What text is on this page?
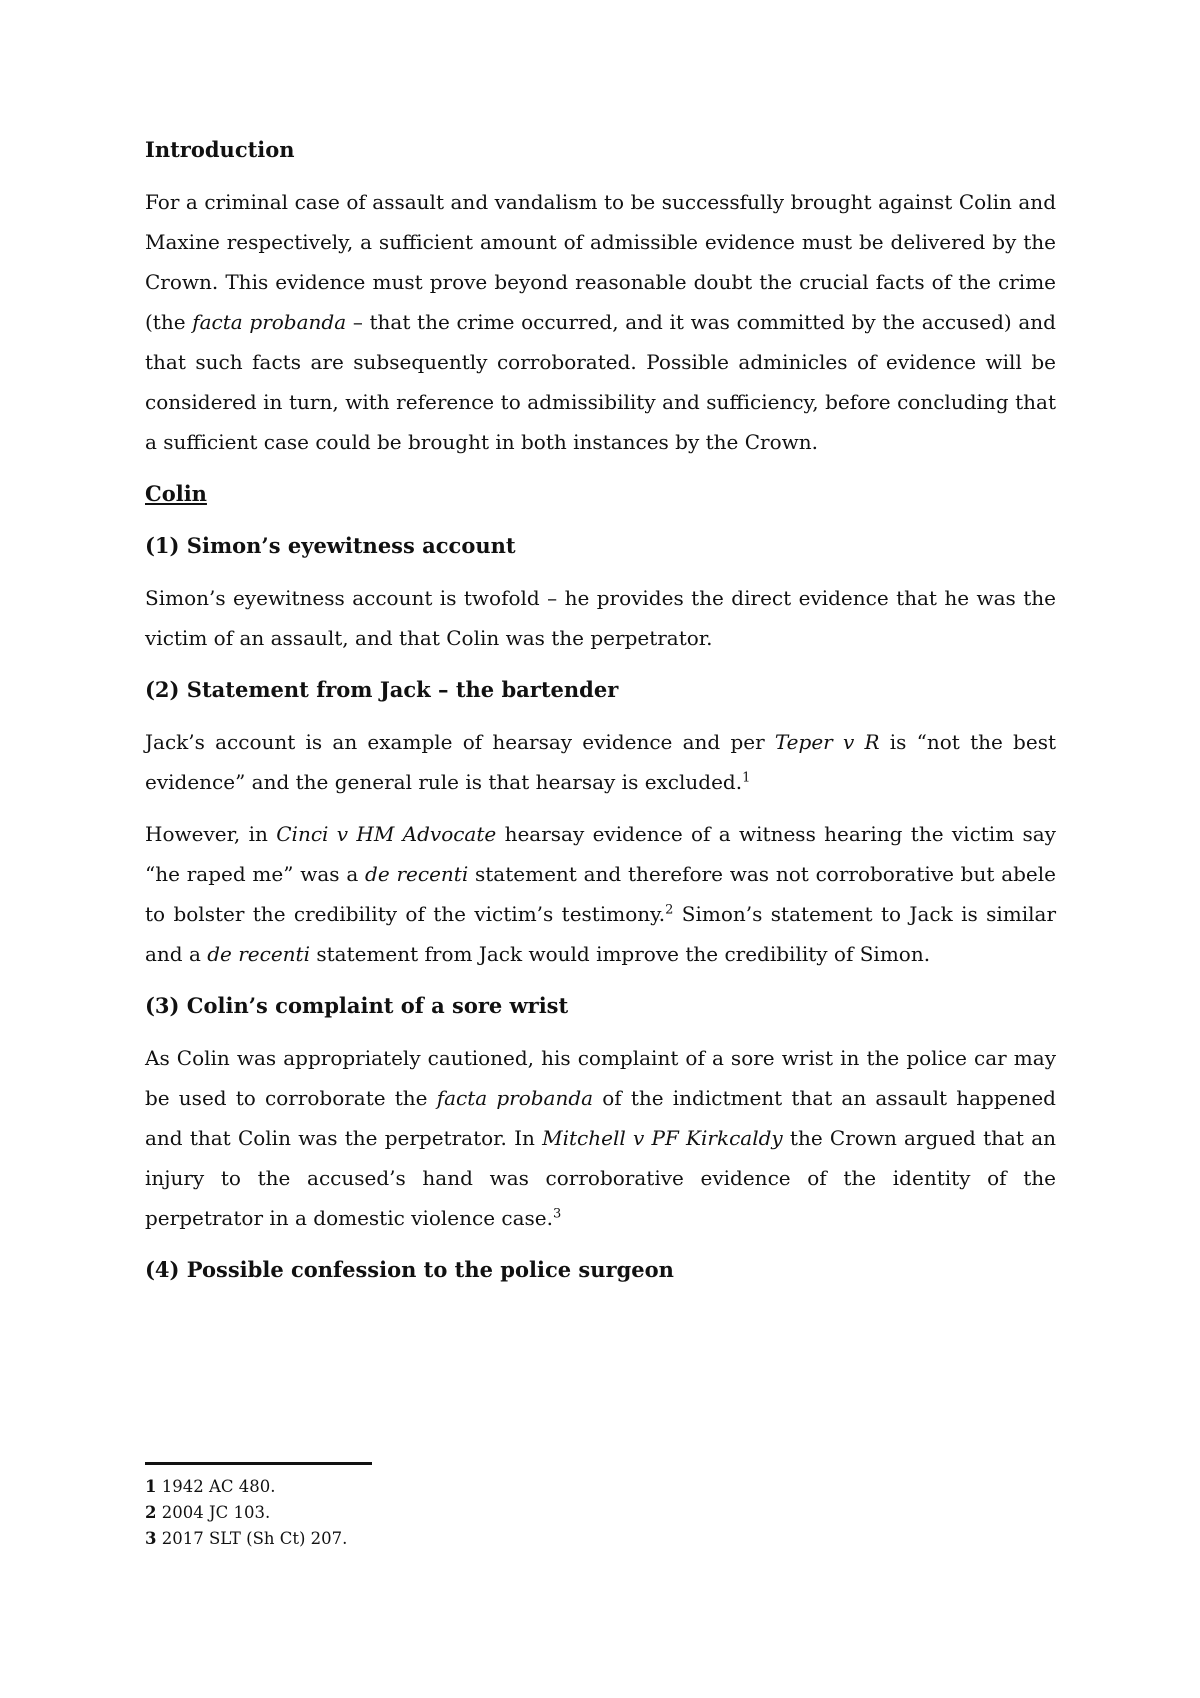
Introduction
For a criminal case of assault and vandalism to be successfully brought against Colin and Maxine respectively, a sufficient amount of admissible evidence must be delivered by the Crown. This evidence must prove beyond reasonable doubt the crucial facts of the crime (the facta probanda – that the crime occurred, and it was committed by the accused) and that such facts are subsequently corroborated. Possible adminicles of evidence will be considered in turn, with reference to admissibility and sufficiency, before concluding that a sufficient case could be brought in both instances by the Crown.
Colin
(1) Simon’s eyewitness account
Simon’s eyewitness account is twofold – he provides the direct evidence that he was the victim of an assault, and that Colin was the perpetrator.
(2) Statement from Jack – the bartender
Jack’s account is an example of hearsay evidence and per Teper v R is “not the best evidence” and the general rule is that hearsay is excluded.$^1$
However, in Cinci v HM Advocate hearsay evidence of a witness hearing the victim say “he raped me” was a de recenti statement and therefore was not corroborative but abele to bolster the credibility of the victim’s testimony.$^2$ Simon’s statement to Jack is similar and a de recenti statement from Jack would improve the credibility of Simon.
(3) Colin’s complaint of a sore wrist
As Colin was appropriately cautioned, his complaint of a sore wrist in the police car may be used to corroborate the facta probanda of the indictment that an assault happened and that Colin was the perpetrator. In Mitchell v PF Kirkcaldy the Crown argued that an injury to the accused’s hand was corroborative evidence of the identity of the perpetrator in a domestic violence case.$^3$
(4) Possible confession to the police surgeon
1 1942 AC 480.
2 2004 JC 103.
3 2017 SLT (Sh Ct) 207.
